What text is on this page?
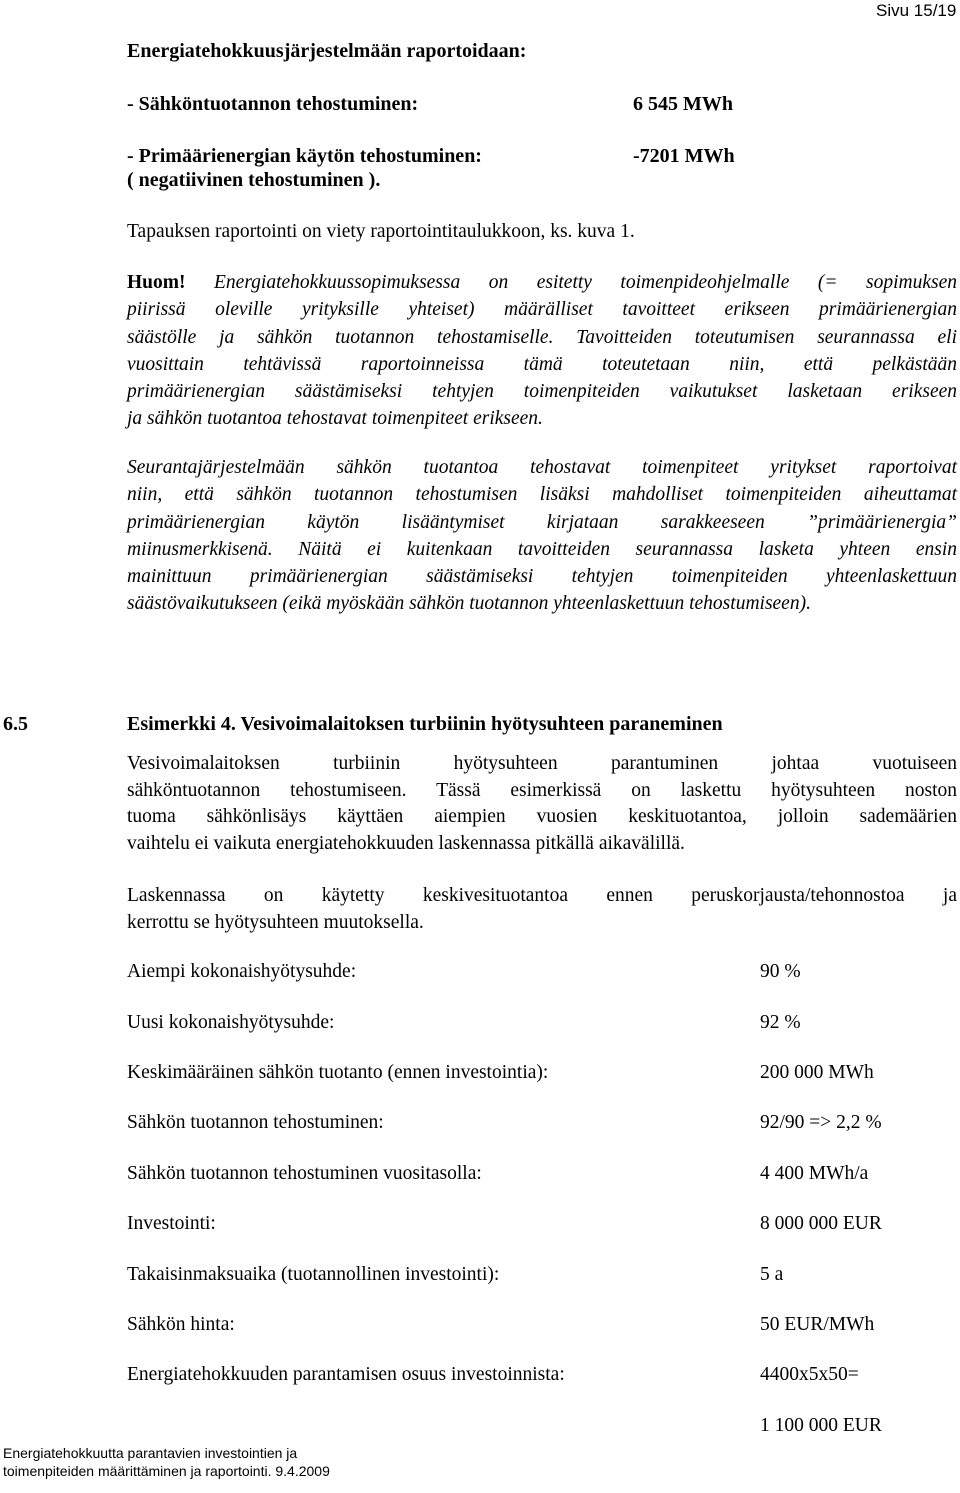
Sivu 15/19
Energiatehokkuusjärjestelmään raportoidaan:
- Sähköntuotannon tehostuminen:	6 545 MWh
- Primäärienergian käytön tehostuminen:	-7201 MWh
( negatiivinen tehostuminen ).
Tapauksen raportointi on viety raportointitaulukkoon, ks. kuva 1.
Huom! Energiatehokkuussopimuksessa on esitetty toimenpideohjelmalle (= sopimuksen
piirissä oleville yrityksille yhteiset) määrälliset tavoitteet erikseen primäärienergian
säästölle ja sähkön tuotannon tehostamiselle. Tavoitteiden toteutumisen seurannassa eli
vuosittain tehtävissä raportoinneissa tämä toteutetaan niin, että pelkästään
primäärienergian säästämiseksi tehtyjen toimenpiteiden vaikutukset lasketaan erikseen
ja sähkön tuotantoa tehostavat toimenpiteet erikseen.
Seurantajärjestelmään sähkön tuotantoa tehostavat toimenpiteet yritykset raportoivat
niin, että sähkön tuotannon tehostumisen lisäksi mahdolliset toimenpiteiden aiheuttamat
primäärienergian käytön lisääntymiset kirjataan sarakkeeseen ”primäärienergia”
miinusmerkkisenä. Näitä ei kuitenkaan tavoitteiden seurannassa lasketa yhteen ensin
mainittuun primäärienergian säästämiseksi tehtyjen toimenpiteiden yhteenlaskettuun
säästövaikutukseen (eikä myöskään sähkön tuotannon yhteenlaskettuun tehostumiseen).
6.5	Esimerkki 4. Vesivoimalaitoksen turbiinin hyötysuhteen paraneminen
Vesivoimalaitoksen turbiinin hyötysuhteen parantuminen johtaa vuotuiseen
sähköntuotannon tehostumiseen. Tässä esimerkissä on laskettu hyötysuhteen noston
tuoma sähkönlisäys käyttäen aiempien vuosien keskituotantoa, jolloin sademäärien
vaihtelu ei vaikuta energiatehokkuuden laskennassa pitkällä aikavälillä.
Laskennassa on käytetty keskivesituotantoa ennen peruskorjausta/tehonnostoa ja
kerrottu se hyötysuhteen muutoksella.
Aiempi kokonaishyötysuhde:	90 %
Uusi kokonaishyötysuhde:	92 %
Keskimääräinen sähkön tuotanto (ennen investointia):	200 000 MWh
Sähkön tuotannon tehostuminen:	92/90 => 2,2 %
Sähkön tuotannon tehostuminen vuositasolla:	4 400 MWh/a
Investointi:	8 000 000 EUR
Takaisinmaksuaika (tuotannollinen investointi):	5 a
Sähkön hinta:	50 EUR/MWh
Energiatehokkuuden parantamisen osuus investoinnista:	4400x5x50=
1 100 000 EUR
Energiatehokkuutta parantavien investointien ja
toimenpiteiden määrittäminen ja raportointi. 9.4.2009
